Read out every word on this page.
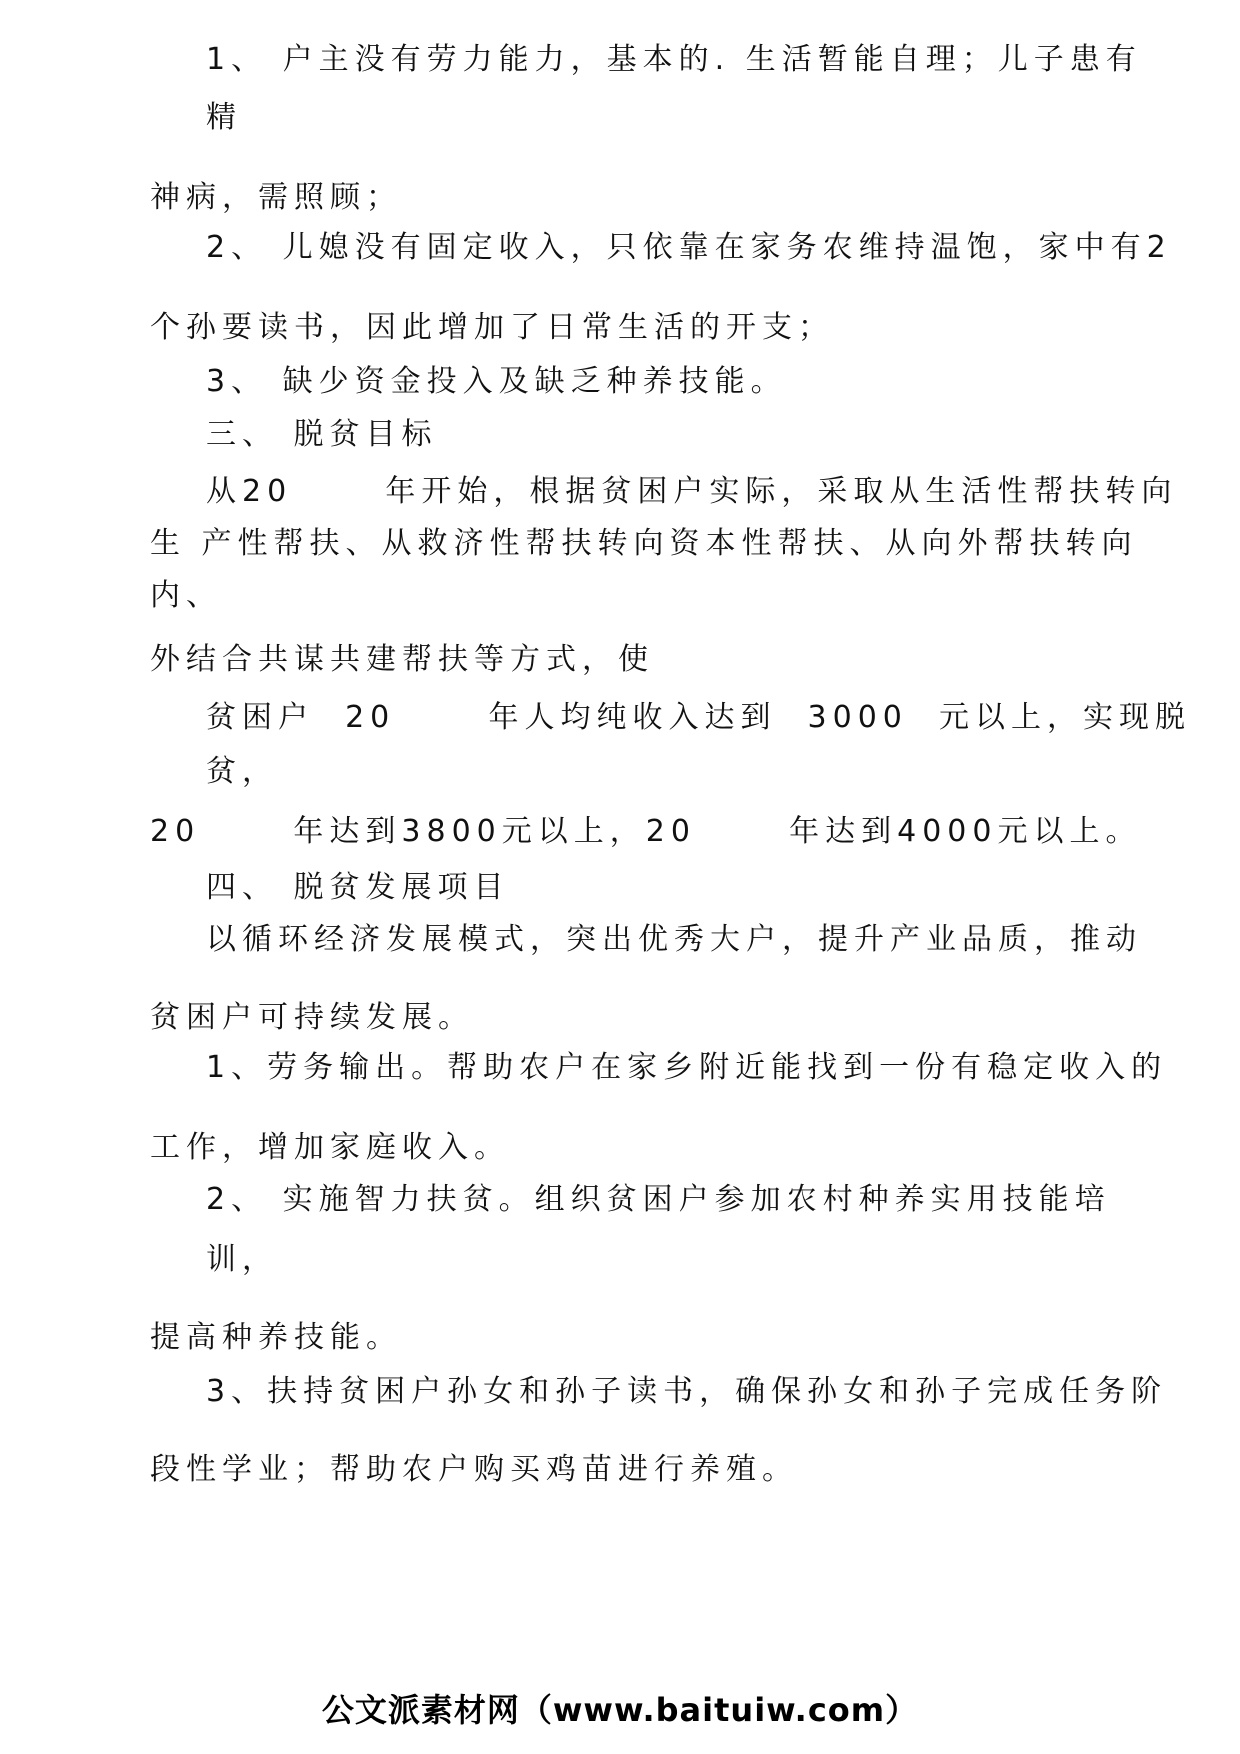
1、 户主没有劳力能力，基本的. 生活暂能自理；儿子患有
精
神病，需照顾；
2、 儿媳没有固定收入，只依靠在家务农维持温饱，家中有2
个孙要读书，因此增加了日常生活的开支；
3、 缺少资金投入及缺乏种养技能。
三、 脱贫目标
从20      年开始，根据贫困户实际，采取从生活性帮扶转向
生 产性帮扶、从救济性帮扶转向资本性帮扶、从向外帮扶转向
内、
外结合共谋共建帮扶等方式，使
贫困户  20      年人均纯收入达到  3000  元以上，实现脱
贫，
20      年达到3800元以上，20      年达到4000元以上。
四、 脱贫发展项目
以循环经济发展模式，突出优秀大户，提升产业品质，推动
贫困户可持续发展。
1、劳务输出。帮助农户在家乡附近能找到一份有稳定收入的
工作，增加家庭收入。
2、 实施智力扶贫。组织贫困户参加农村种养实用技能培
训，
提高种养技能。
3、扶持贫困户孙女和孙子读书，确保孙女和孙子完成任务阶
段性学业；帮助农户购买鸡苗进行养殖。
公文派素材网（www.baituiw.com）
